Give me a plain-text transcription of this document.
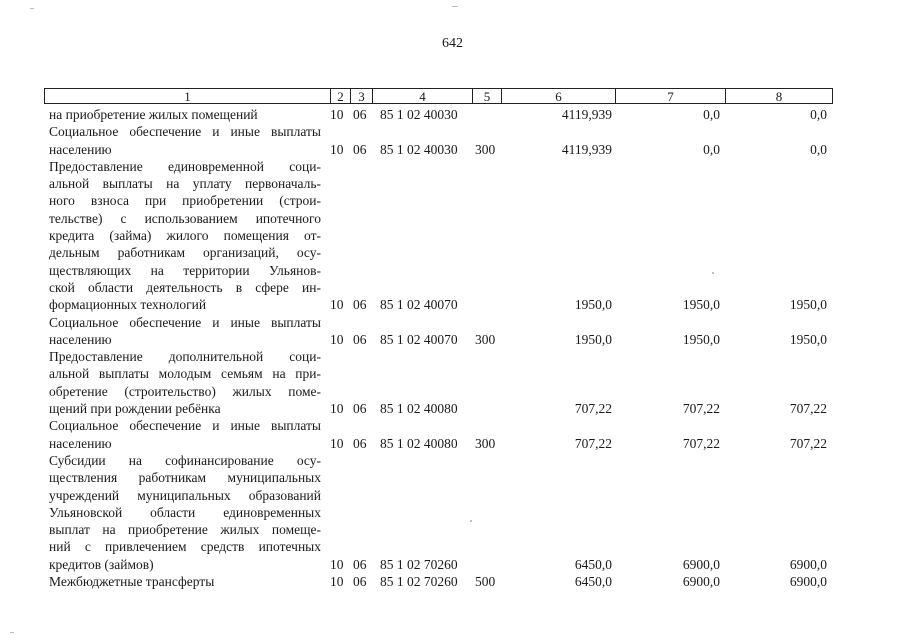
642
1	2	3	4	5	6	7	8
на приобретение жилых помещений	10 06 85 1 02 40030	4119,939	0,0	0,0
Социальное обеспечение и иные выплаты
населению	10 06 85 1 02 40030 300	4119,939	0,0	0,0
Предоставление единовременной соци-
альной выплаты на уплату первоначаль-
ного взноса при приобретении (строи-
тельстве) с использованием ипотечного
кредита (займа) жилого помещения от-
дельным работникам организаций, осу-
ществляющих на территории Ульянов-
ской области деятельность в сфере ин-
формационных технологий	10 06 85 1 02 40070	1950,0	1950,0	1950,0
Социальное обеспечение и иные выплаты
населению	10 06 85 1 02 40070 300	1950,0	1950,0	1950,0
Предоставление дополнительной соци-
альной выплаты молодым семьям на при-
обретение (строительство) жилых поме-
щений при рождении ребёнка	10 06 85 1 02 40080	707,22	707,22	707,22
Социальное обеспечение и иные выплаты
населению	10 06 85 1 02 40080 300	707,22	707,22	707,22
Субсидии на софинансирование осу-
ществления работникам муниципальных
учреждений муниципальных образований
Ульяновской области единовременных
выплат на приобретение жилых помеще-
ний с привлечением средств ипотечных
кредитов (займов)	10 06 85 1 02 70260	6450,0	6900,0	6900,0
Межбюджетные трансферты	10 06 85 1 02 70260 500	6450,0	6900,0	6900,0
